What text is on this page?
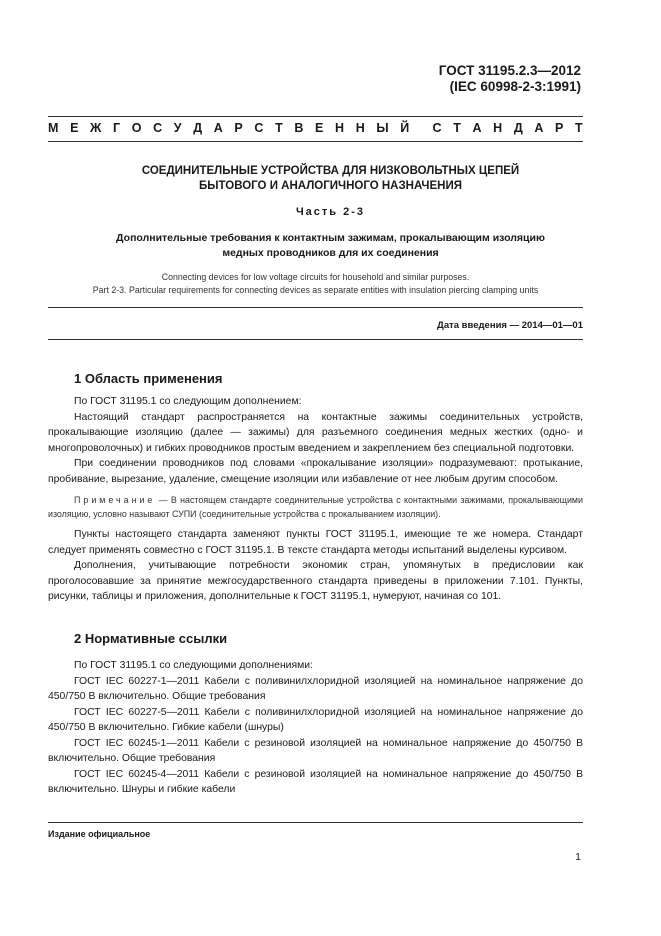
ГОСТ 31195.2.3—2012
(IEC 60998-2-3:1991)
М Е Ж Г О С У Д А Р С Т В Е Н Н Ы Й С Т А Н Д А Р Т
СОЕДИНИТЕЛЬНЫЕ УСТРОЙСТВА ДЛЯ НИЗКОВОЛЬТНЫХ ЦЕПЕЙ
БЫТОВОГО И АНАЛОГИЧНОГО НАЗНАЧЕНИЯ
Часть 2-3
Дополнительные требования к контактным зажимам, прокалывающим изоляцию
медных проводников для их соединения
Connecting devices for low voltage circuits for household and similar purposes.
Part 2-3. Particular requirements for connecting devices as separate entities with insulation piercing clamping units
Дата введения — 2014—01—01
1 Область применения

По ГОСТ 31195.1 со следующим дополнением:

Настоящий стандарт распространяется на контактные зажимы соединительных устройств, прокалывающие изоляцию (далее — зажимы) для разъемного соединения медных жестких (одно- и многопроволочных) и гибких проводников простым введением и закреплением без специальной подготовки.

При соединении проводников под словами «прокалывание изоляции» подразумевают: протыкание, пробивание, вырезание, удаление, смещение изоляции или избавление от нее любым другим способом.

Примечание — В настоящем стандарте соединительные устройства с контактными зажимами, прокалывающими изоляцию, условно называют СУПИ (соединительные устройства с прокалыванием изоляции).

Пункты настоящего стандарта заменяют пункты ГОСТ 31195.1, имеющие те же номера. Стандарт следует применять совместно с ГОСТ 31195.1. В тексте стандарта методы испытаний выделены курсивом.

Дополнения, учитывающие потребности экономик стран, упомянутых в предисловии как проголосовавшие за принятие межгосударственного стандарта приведены в приложении 7.101. Пункты, рисунки, таблицы и приложения, дополнительные к ГОСТ 31195.1, нумеруют, начиная со 101.

2 Нормативные ссылки

По ГОСТ 31195.1 со следующими дополнениями:

ГОСТ IEC 60227-1—2011 Кабели с поливинилхлоридной изоляцией на номинальное напряжение до 450/750 В включительно. Общие требования

ГОСТ IEC 60227-5—2011 Кабели с поливинилхлоридной изоляцией на номинальное напряжение до 450/750 В включительно. Гибкие кабели (шнуры)

ГОСТ IEC 60245-1—2011 Кабели с резиновой изоляцией на номинальное напряжение до 450/750 В включительно. Общие требования

ГОСТ IEC 60245-4—2011 Кабели с резиновой изоляцией на номинальное напряжение до 450/750 В включительно. Шнуры и гибкие кабели

Издание официальное
1
